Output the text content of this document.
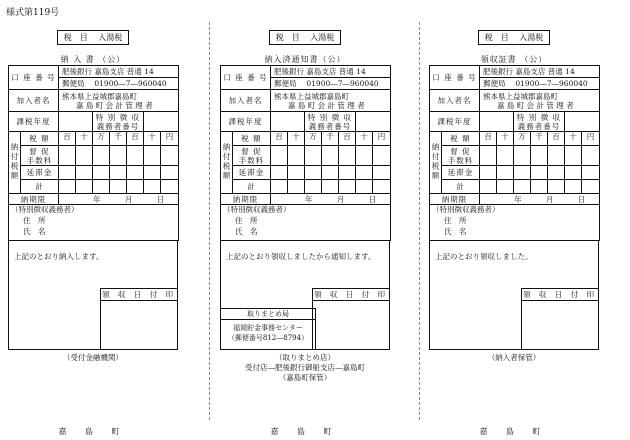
様式第119号
税　目　 入湯税
納 入 書 （公）
口 座 番 号		肥後銀行 嘉島支店 普通 14						
		郵便局　 01900―7―960040						
加入者名		熊本県上益城郡嘉島町
嘉 島 町 会 計 管 理 者						

課税年度				特 別 徴 収
義務者番号				

納付税額	税 額	百	十	万	千	百	十	円

	督 促
手数料							

	延滞金							
	計							
納期限		年 月 日						

（特別徴収義務者）
住　所
氏　名								
上記のとおり納入します。
領 収 日 付 印
（受付金融機関）
嘉 島 町
税　目　 入湯税
納入済通知書（公）
口 座 番 号		肥後銀行 嘉島支店 普通 14						
		郵便局　 01900―7―960040						
加入者名		熊本県上益城郡嘉島町
嘉 島 町 会 計 管 理 者						

課税年度				特 別 徴 収
義務者番号				

納付税額	税 額	百	十	万	千	百	十	円

	督 促
手数料							

	延滞金							
	計							
納期限		年 月 日						

（特別徴収義務者）
住　所
氏　名								
上記のとおり領収しましたから通知します。
取りまとめ局
福岡貯金事務センター
（郵便番号812―8794）
領 収 日 付 印
（取りまとめ店）
受付店―肥後銀行御船支店―嘉島町
（嘉島町保管）
嘉 島 町
税　目　 入湯税
領収証書 （公）
口 座 番 号		肥後銀行 嘉島支店 普通 14						
		郵便局　 01900―7―960040						
加入者名		熊本県上益城郡嘉島町
嘉 島 町 会 計 管 理 者						

課税年度				特 別 徴 収
義務者番号				

納付税額	税 額	百	十	万	千	百	十	円

	督 促
手数料							

	延滞金							
	計							
納期限		年 月 日						

（特別徴収義務者）
住　所
氏　名								
上記のとおり領収しました。
領 収 日 付 印
（納入者保管）
嘉 島 町
